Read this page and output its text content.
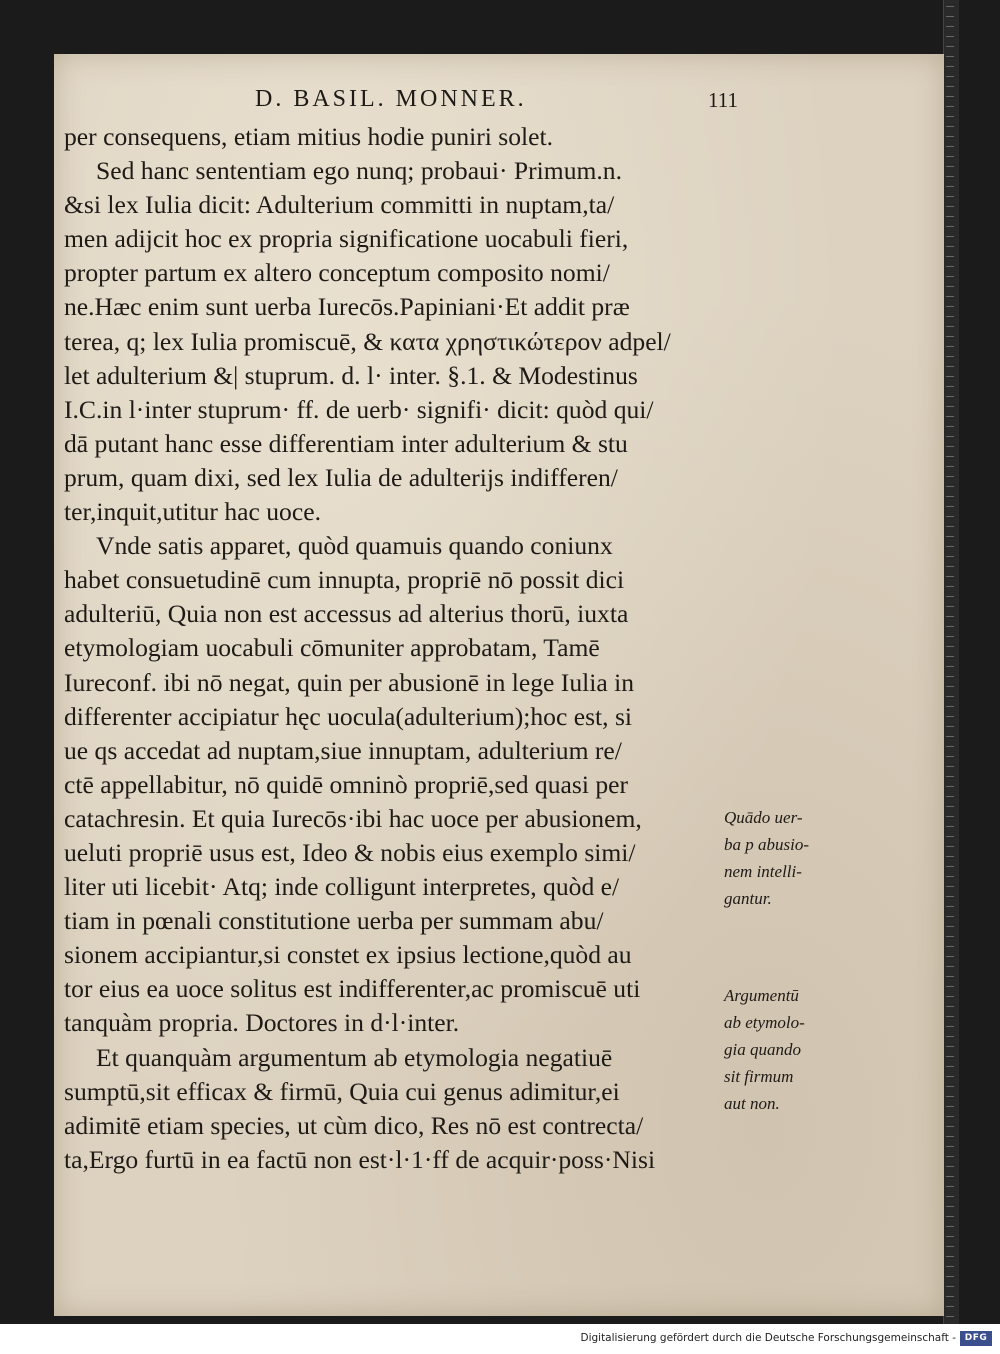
D. BASIL. MONNER.	111
per consequens, etiam mitius hodie puniri solet.
Sed hanc sententiam ego nunq; probaui· Primum.n.
&si lex Iulia dicit: Adulterium committi in nuptam,ta/
men adijcit hoc ex propria significatione uocabuli fieri,
propter partum ex altero conceptum composito nomi/
ne.Hæc enim sunt uerba Iurecōs.Papiniani·Et addit præ
terea, q; lex Iulia promiscuē, & κατα χρηστικώτερον adpel/
let adulterium &| stuprum. d. l· inter. §.1. & Modestinus
I.C.in l·inter stuprum· ff. de uerb· signifi· dicit: quòd qui/
dā putant hanc esse differentiam inter adulterium & stu
prum, quam dixi, sed lex Iulia de adulterijs indifferen/
ter,inquit,utitur hac uoce.
Vnde satis apparet, quòd quamuis quando coniunx
habet consuetudinē cum innupta, propriē nō possit dici
adulteriū, Quia non est accessus ad alterius thorū, iuxta
etymologiam uocabuli cōmuniter approbatam, Tamē
Ιureconf. ibi nō negat, quin per abusionē in lege Iulia in
differenter accipiatur hęc uocula(adulterium);hoc est, si
ue qs accedat ad nuptam,siue innuptam, adulterium re/
ctē appellabitur, nō quidē omninò propriē,sed quasi per
catachresin. Et quia Iurecōs·ibi hac uoce per abusionem,
ueluti propriē usus est, Ideo & nobis eius exemplo simi/
liter uti licebit· Atq; inde colligunt interpretes, quòd e/
tiam in pœnali constitutione uerba per summam abu/
sionem accipiantur,si constet ex ipsius lectione,quòd au
tor eius ea uoce solitus est indifferenter,ac promiscuē uti
tanquàm propria. Doctores in d·l·inter.
Et quanquàm argumentum ab etymologia negatiuē
sumptū,sit efficax & firmū, Quia cui genus adimitur,ei
adimitē etiam species, ut cùm dico, Res nō est contrecta/
ta,Ergo furtū in ea factū non est·l·1·ff de acquir·poss·Nisi
Quādo uer-
ba p abusio-
nem intelli-
gantur.
Argumentū
ab etymolo-
gia quando
sit firmum
aut non.
Digitalisierung gefördert durch die Deutsche Forschungsgemeinschaft - DFG
